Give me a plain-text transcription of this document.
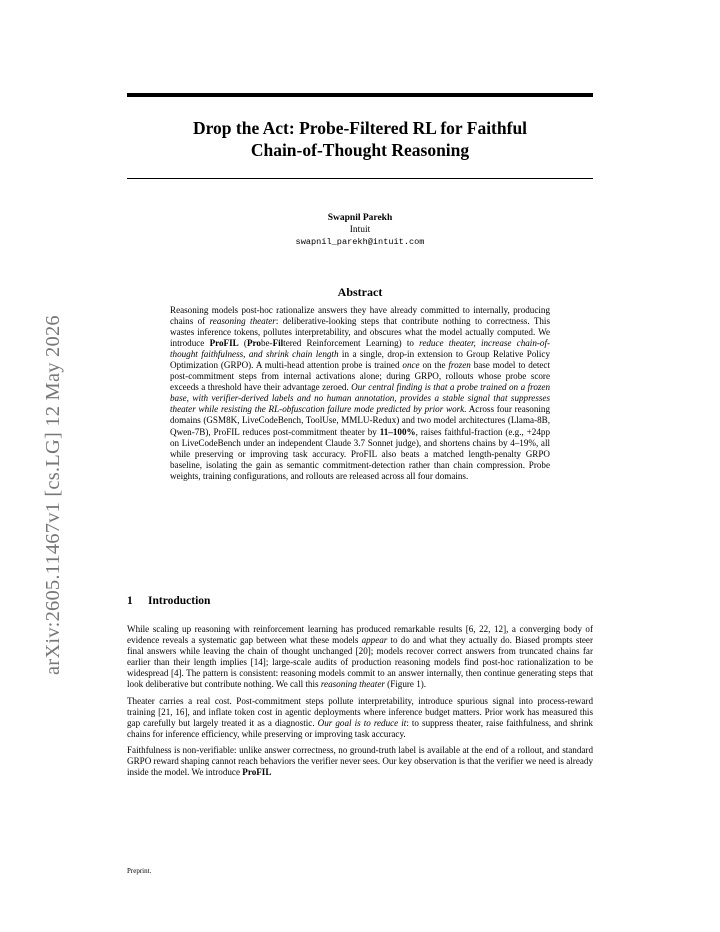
arXiv:2605.11467v1 [cs.LG] 12 May 2026
Drop the Act: Probe-Filtered RL for Faithful
Chain-of-Thought Reasoning
Swapnil Parekh
Intuit
swapnil_parekh@intuit.com
Abstract

Reasoning models post-hoc rationalize answers they have already committed to internally, producing chains of reasoning theater: deliberative-looking steps that contribute nothing to correctness. This wastes inference tokens, pollutes interpretability, and obscures what the model actually computed. We introduce ProFIL (Probe-Filtered Reinforcement Learning) to reduce theater, increase chain-of-thought faithfulness, and shrink chain length in a single, drop-in extension to Group Relative Policy Optimization (GRPO). A multi-head attention probe is trained once on the frozen base model to detect post-commitment steps from internal activations alone; during GRPO, rollouts whose probe score exceeds a threshold have their advantage zeroed. Our central finding is that a probe trained on a frozen base, with verifier-derived labels and no human annotation, provides a stable signal that suppresses theater while resisting the RL-obfuscation failure mode predicted by prior work. Across four reasoning domains (GSM8K, LiveCodeBench, ToolUse, MMLU-Redux) and two model architectures (Llama-8B, Qwen-7B), ProFIL reduces post-commitment theater by 11–100%, raises faithful-fraction (e.g., +24pp on LiveCodeBench under an independent Claude 3.7 Sonnet judge), and shortens chains by 4–19%, all while preserving or improving task accuracy. ProFIL also beats a matched length-penalty GRPO baseline, isolating the gain as semantic commitment-detection rather than chain compression. Probe weights, training configurations, and rollouts are released across all four domains.

1 Introduction

While scaling up reasoning with reinforcement learning has produced remarkable results [6, 22, 12], a converging body of evidence reveals a systematic gap between what these models appear to do and what they actually do. Biased prompts steer final answers while leaving the chain of thought unchanged [20]; models recover correct answers from truncated chains far earlier than their length implies [14]; large-scale audits of production reasoning models find post-hoc rationalization to be widespread [4]. The pattern is consistent: reasoning models commit to an answer internally, then continue generating steps that look deliberative but contribute nothing. We call this reasoning theater (Figure 1).

Theater carries a real cost. Post-commitment steps pollute interpretability, introduce spurious signal into process-reward training [21, 16], and inflate token cost in agentic deployments where inference budget matters. Prior work has measured this gap carefully but largely treated it as a diagnostic. Our goal is to reduce it: to suppress theater, raise faithfulness, and shrink chains for inference efficiency, while preserving or improving task accuracy.

Faithfulness is non-verifiable: unlike answer correctness, no ground-truth label is available at the end of a rollout, and standard GRPO reward shaping cannot reach behaviors the verifier never sees. Our key observation is that the verifier we need is already inside the model. We introduce ProFIL

Preprint.
